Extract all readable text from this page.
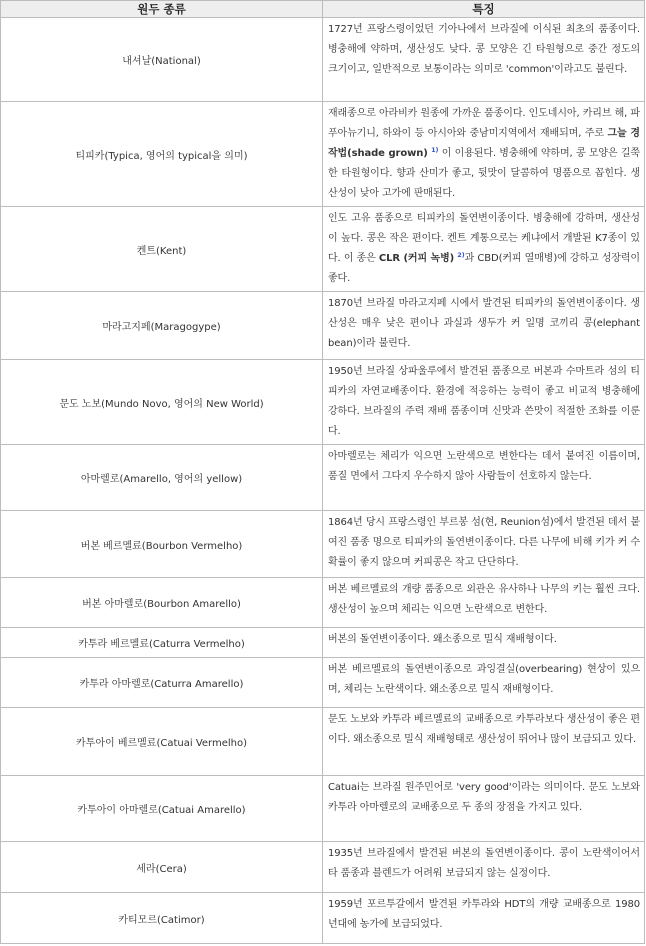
원두 종류	특징
내셔날(National)	1727년 프랑스령이었던 기아나에서 브라질에 이식된 최초의 품종이다. 병충해에 약하며, 생산성도 낮다. 콩 모양은 긴 타원형으로 중간 정도의 크기이고, 일반적으로 보통이라는 의미로 'common'이라고도 불린다.
티피카(Typica, 영어의 typical을 의미)	재래종으로 아라비카 원종에 가까운 품종이다. 인도네시아, 카리브 해, 파푸아뉴기니, 하와이 등 아시아와 중남미지역에서 재배되며, 주로 그늘 경작법(shade grown) $^{1)}$ 이 이용된다. 병충해에 약하며, 콩 모양은 길쭉한 타원형이다. 향과 산미가 좋고, 뒷맛이 달콤하여 명품으로 꼽힌다. 생산성이 낮아 고가에 판매된다.
켄트(Kent)	인도 고유 품종으로 티피카의 돌연변이종이다. 병충해에 강하며, 생산성이 높다. 콩은 작은 편이다. 켄트 계통으로는 케냐에서 개발된 K7종이 있다. 이 종은 CLR (커피 녹병) $^{2)}$과 CBD(커피 열매병)에 강하고 성장력이 좋다.
마라고지페(Maragogype)	1870년 브라질 마라고지페 시에서 발견된 티피카의 돌연변이종이다. 생산성은 매우 낮은 편이나 과실과 생두가 커 일명 코끼리 콩(elephant bean)이라 불린다.
문도 노보(Mundo Novo, 영어의 New World)	1950년 브라질 상파울루에서 발견된 품종으로 버본과 수마트라 섬의 티피카의 자연교배종이다. 환경에 적응하는 능력이 좋고 비교적 병충해에 강하다. 브라질의 주력 재배 품종이며 신맛과 쓴맛이 적절한 조화를 이룬다.
아마렐로(Amarello, 영어의 yellow)	아마렐로는 체리가 익으면 노란색으로 변한다는 데서 붙여진 이름이며, 품질 면에서 그다지 우수하지 않아 사람들이 선호하지 않는다.
버본 베르멜료(Bourbon Vermelho)	1864년 당시 프랑스령인 부르봉 섬(현, Reunion섬)에서 발견된 데서 붙여진 품종 명으로 티피카의 돌연변이종이다. 다른 나무에 비해 키가 커 수확률이 좋지 않으며 커피콩은 작고 단단하다.
버본 아마렐로(Bourbon Amarello)	버본 베르멜료의 개량 품종으로 외관은 유사하나 나무의 키는 훨씬 크다. 생산성이 높으며 체리는 익으면 노란색으로 변한다.
카투라 베르멜료(Caturra Vermelho)	버본의 돌연변이종이다. 왜소종으로 밀식 재배형이다.
카투라 아마렐로(Caturra Amarello)	버본 베르멜료의 돌연변이종으로 과잉결실(overbearing) 현상이 있으며, 체리는 노란색이다. 왜소종으로 밀식 재배형이다.
카투아이 베르멜료(Catuai Vermelho)	문도 노보와 카투라 베르멜료의 교배종으로 카투라보다 생산성이 좋은 편이다. 왜소종으로 밀식 재배형태로 생산성이 뛰어나 많이 보급되고 있다.
카투아이 아마렐로(Catuai Amarello)	Catuai는 브라질 원주민어로 'very good'이라는 의미이다. 문도 노보와 카투라 아마렐로의 교배종으로 두 종의 장점을 가지고 있다.
세라(Cera)	1935년 브라질에서 발견된 버본의 돌연변이종이다. 콩이 노란색이어서 타 품종과 블렌드가 어려워 보급되지 않는 실정이다.
카티모르(Catimor)	1959년 포르투갈에서 발견된 카투라와 HDT의 개량 교배종으로 1980년대에 농가에 보급되었다.
